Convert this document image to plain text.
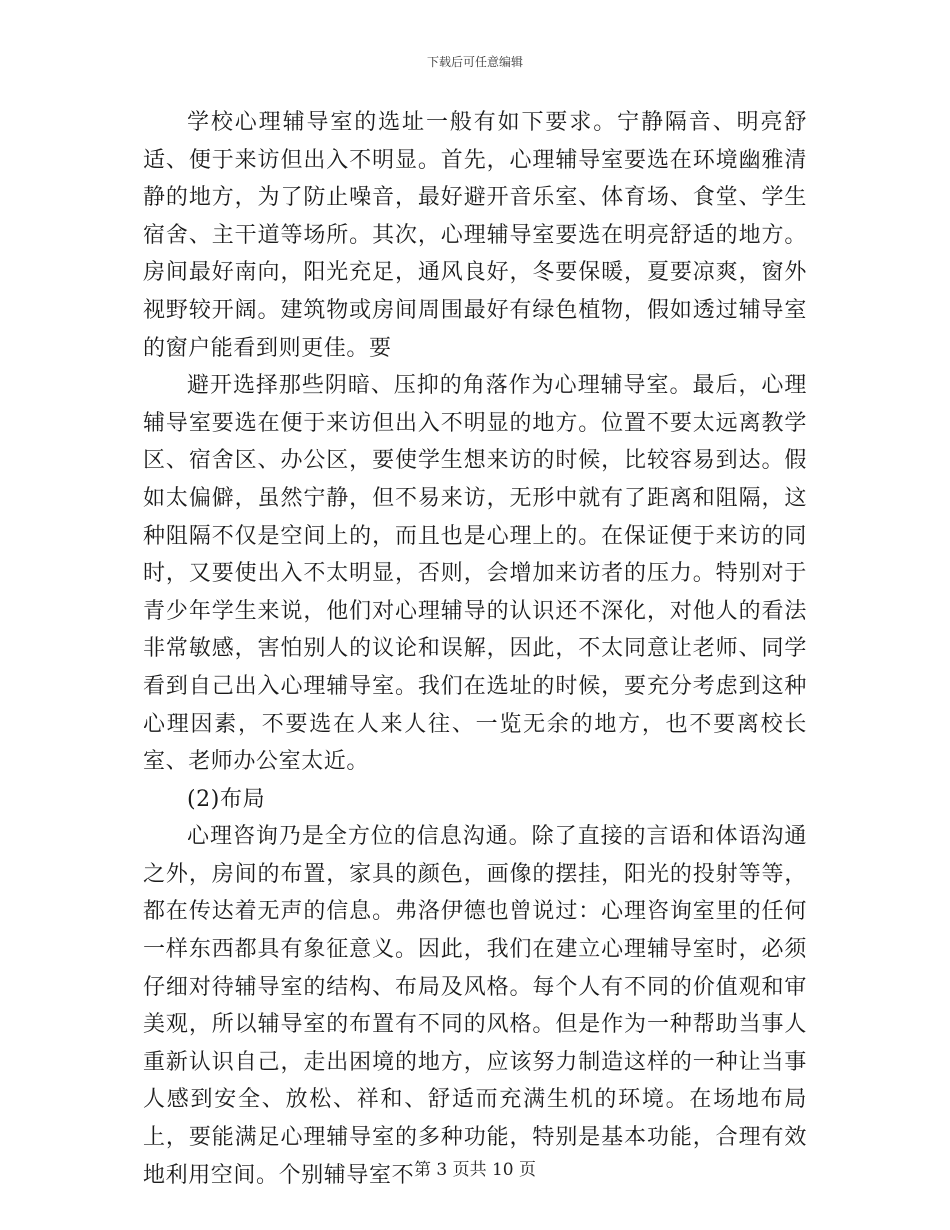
下载后可任意编辑

学校心理辅导室的选址一般有如下要求。宁静隔音、明亮舒适、便于来访但出入不明显。首先，心理辅导室要选在环境幽雅清静的地方，为了防止噪音，最好避开音乐室、体育场、食堂、学生宿舍、主干道等场所。其次，心理辅导室要选在明亮舒适的地方。房间最好南向，阳光充足，通风良好，冬要保暖，夏要凉爽，窗外视野较开阔。建筑物或房间周围最好有绿色植物，假如透过辅导室的窗户能看到则更佳。要

避开选择那些阴暗、压抑的角落作为心理辅导室。最后，心理辅导室要选在便于来访但出入不明显的地方。位置不要太远离教学区、宿舍区、办公区，要使学生想来访的时候，比较容易到达。假如太偏僻，虽然宁静，但不易来访，无形中就有了距离和阻隔，这种阻隔不仅是空间上的，而且也是心理上的。在保证便于来访的同时，又要使出入不太明显，否则，会增加来访者的压力。特别对于青少年学生来说，他们对心理辅导的认识还不深化，对他人的看法非常敏感，害怕别人的议论和误解，因此，不太同意让老师、同学看到自己出入心理辅导室。我们在选址的时候，要充分考虑到这种心理因素，不要选在人来人往、一览无余的地方，也不要离校长室、老师办公室太近。

(2)布局

心理咨询乃是全方位的信息沟通。除了直接的言语和体语沟通之外，房间的布置，家具的颜色，画像的摆挂，阳光的投射等等，都在传达着无声的信息。弗洛伊德也曾说过：心理咨询室里的任何一样东西都具有象征意义。因此，我们在建立心理辅导室时，必须仔细对待辅导室的结构、布局及风格。每个人有不同的价值观和审美观，所以辅导室的布置有不同的风格。但是作为一种帮助当事人重新认识自己，走出困境的地方，应该努力制造这样的一种让当事人感到安全、放松、祥和、舒适而充满生机的环境。在场地布局上，要能满足心理辅导室的多种功能，特别是基本功能，合理有效地利用空间。个别辅导室不 第 3 页共 10 页
